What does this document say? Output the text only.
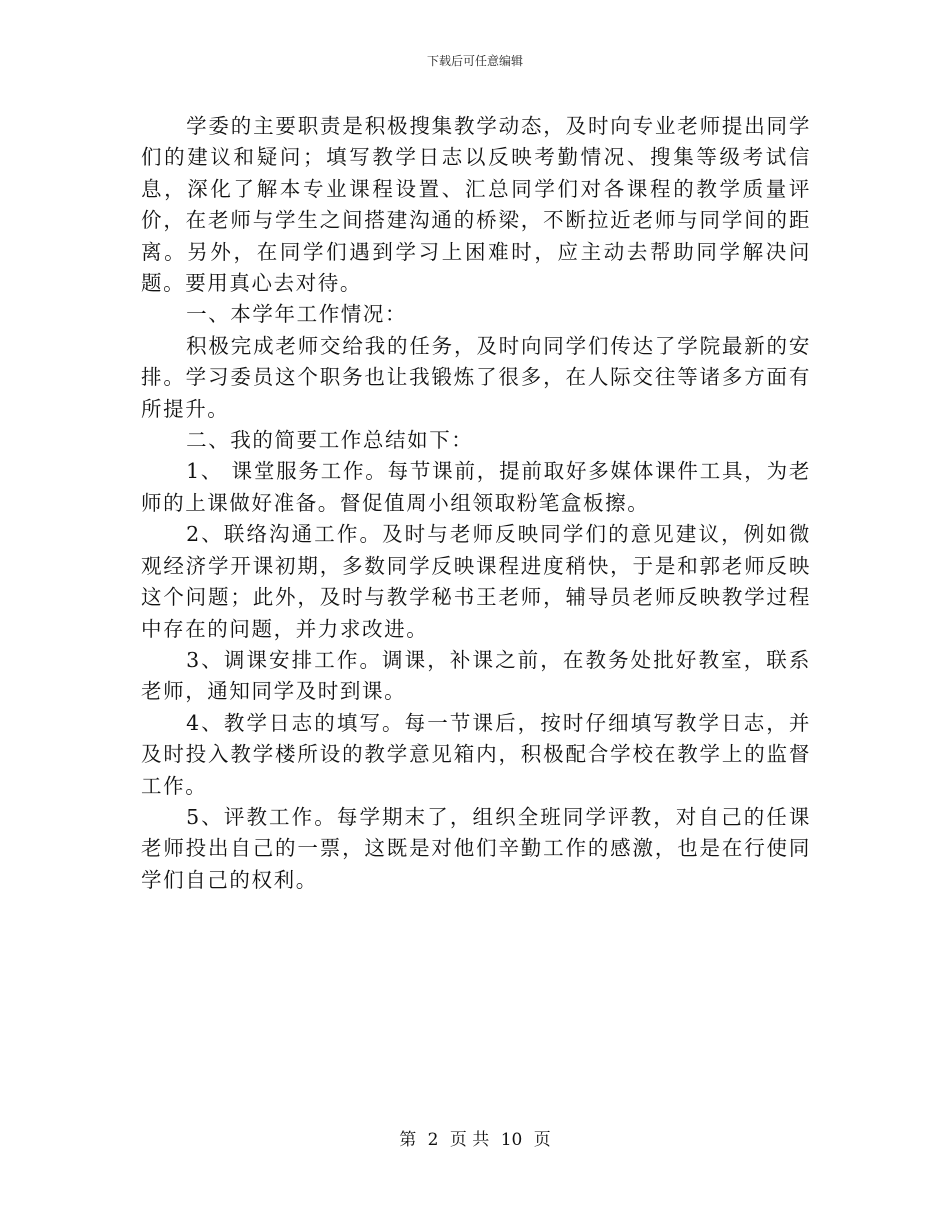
下载后可任意编辑

学委的主要职责是积极搜集教学动态，及时向专业老师提出同学们的建议和疑问；填写教学日志以反映考勤情况、搜集等级考试信息，深化了解本专业课程设置、汇总同学们对各课程的教学质量评价，在老师与学生之间搭建沟通的桥梁，不断拉近老师与同学间的距离。另外，在同学们遇到学习上困难时，应主动去帮助同学解决问题。要用真心去对待。

一、本学年工作情况：

积极完成老师交给我的任务，及时向同学们传达了学院最新的安排。学习委员这个职务也让我锻炼了很多，在人际交往等诸多方面有所提升。

二、我的简要工作总结如下：

1、 课堂服务工作。每节课前，提前取好多媒体课件工具，为老师的上课做好准备。督促值周小组领取粉笔盒板擦。

2、联络沟通工作。及时与老师反映同学们的意见建议，例如微观经济学开课初期，多数同学反映课程进度稍快，于是和郭老师反映这个问题；此外，及时与教学秘书王老师，辅导员老师反映教学过程中存在的问题，并力求改进。

3、调课安排工作。调课，补课之前，在教务处批好教室，联系老师，通知同学及时到课。

4、教学日志的填写。每一节课后，按时仔细填写教学日志，并及时投入教学楼所设的教学意见箱内，积极配合学校在教学上的监督工作。

5、评教工作。每学期末了，组织全班同学评教，对自己的任课老师投出自己的一票，这既是对他们辛勤工作的感激，也是在行使同学们自己的权利。

第 2 页 共 10 页
